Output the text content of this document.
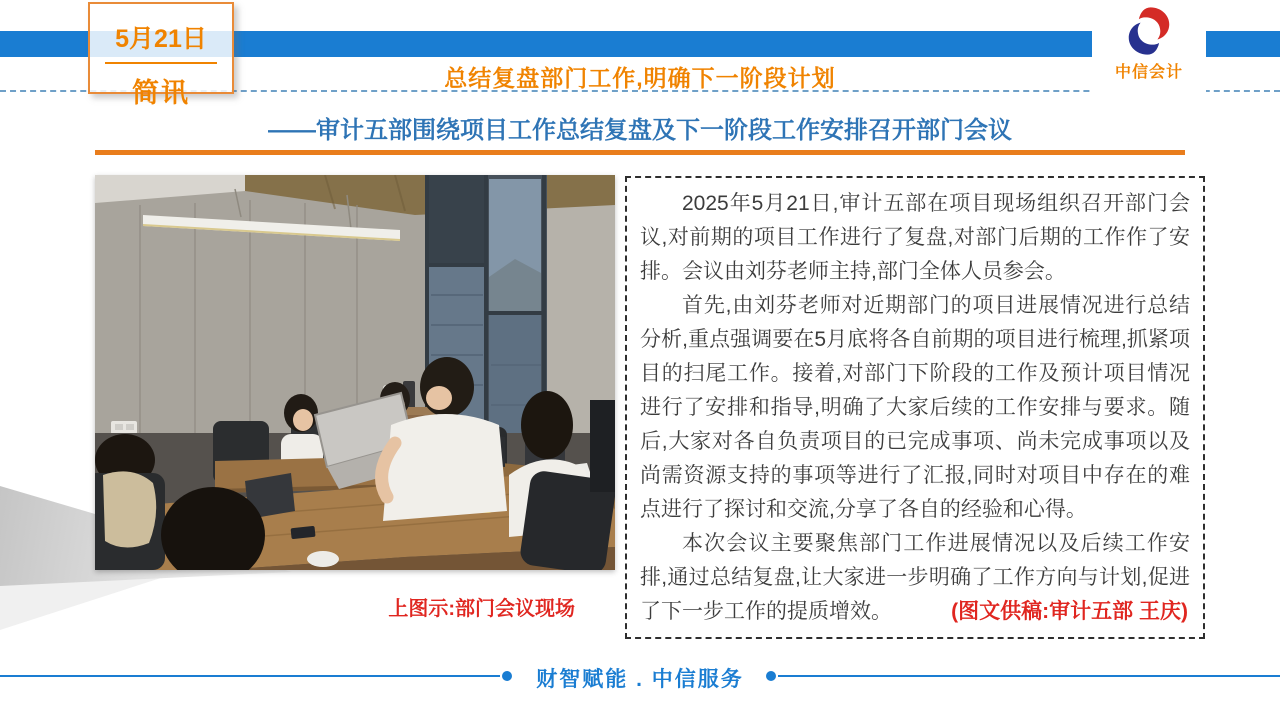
总结复盘部门工作,明确下一阶段计划
5月21日
简讯
中信会计
——审计五部围绕项目工作总结复盘及下一阶段工作安排召开部门会议
上图示:部门会议现场

2025年5月21日,审计五部在项目现场组织召开部门会议,对前期的项目工作进行了复盘,对部门后期的工作作了安排。会议由刘芬老师主持,部门全体人员参会。

首先,由刘芬老师对近期部门的项目进展情况进行总结分析,重点强调要在5月底将各自前期的项目进行梳理,抓紧项目的扫尾工作。接着,对部门下阶段的工作及预计项目情况进行了安排和指导,明确了大家后续的工作安排与要求。随后,大家对各自负责项目的已完成事项、尚未完成事项以及尚需资源支持的事项等进行了汇报,同时对项目中存在的难点进行了探讨和交流,分享了各自的经验和心得。

本次会议主要聚焦部门工作进展情况以及后续工作安排,通过总结复盘,让大家进一步明确了工作方向与计划,促进了下一步工作的提质增效。	(图文供稿:审计五部 王庆)
财智赋能 . 中信服务
